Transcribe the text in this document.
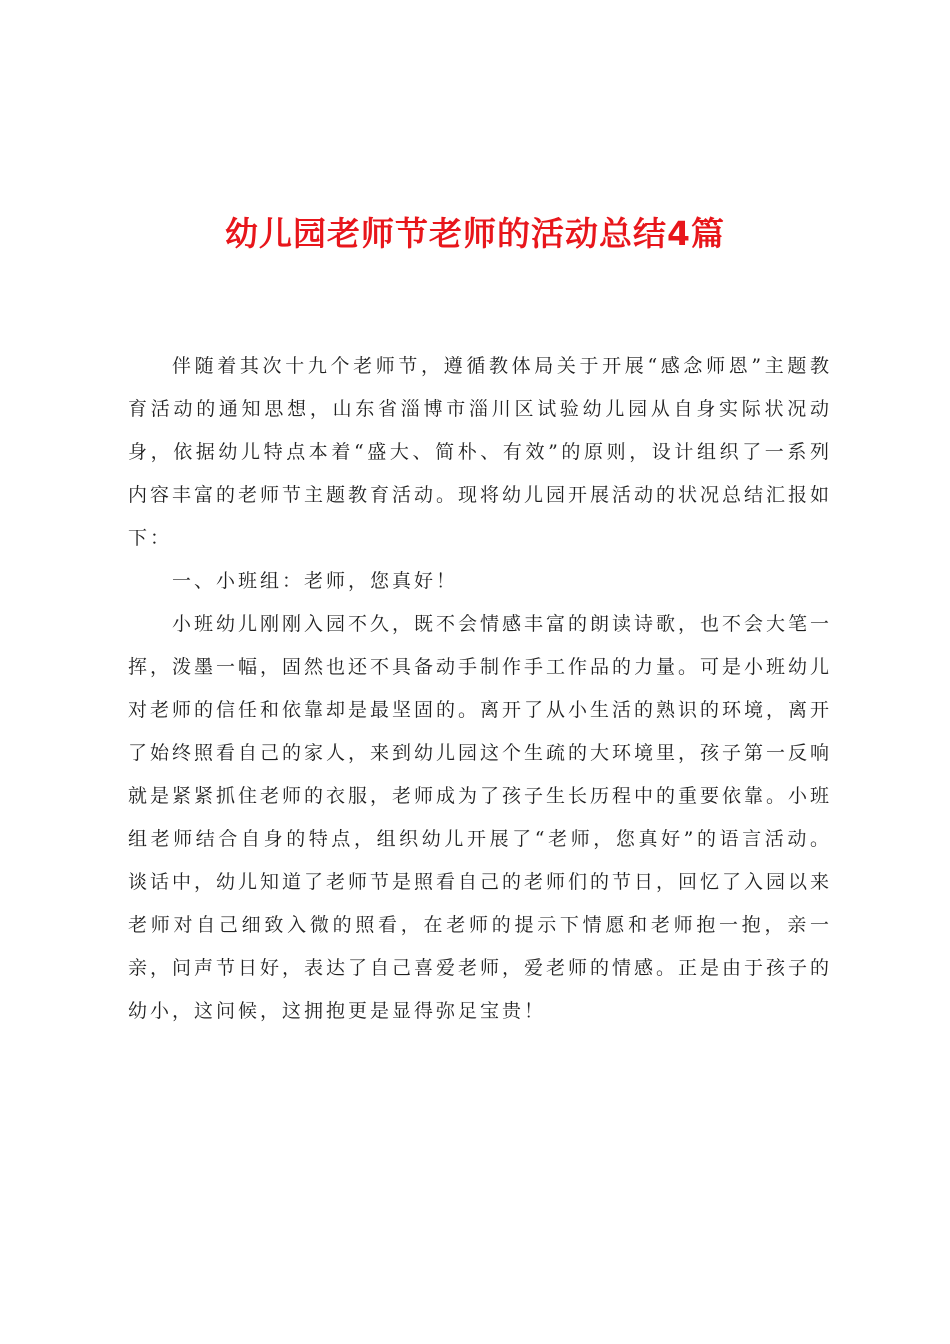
幼儿园老师节老师的活动总结4篇

伴随着其次十九个老师节，遵循教体局关于开展“感念师恩”主题教育活动的通知思想，山东省淄博市淄川区试验幼儿园从自身实际状况动身，依据幼儿特点本着“盛大、简朴、有效”的原则，设计组织了一系列内容丰富的老师节主题教育活动。现将幼儿园开展活动的状况总结汇报如下：

一、小班组：老师，您真好！

小班幼儿刚刚入园不久，既不会情感丰富的朗读诗歌，也不会大笔一挥，泼墨一幅，固然也还不具备动手制作手工作品的力量。可是小班幼儿对老师的信任和依靠却是最坚固的。离开了从小生活的熟识的环境，离开了始终照看自己的家人，来到幼儿园这个生疏的大环境里，孩子第一反响就是紧紧抓住老师的衣服，老师成为了孩子生长历程中的重要依靠。小班组老师结合自身的特点，组织幼儿开展了“老师，您真好”的语言活动。谈话中，幼儿知道了老师节是照看自己的老师们的节日，回忆了入园以来老师对自己细致入微的照看，在老师的提示下情愿和老师抱一抱，亲一亲，问声节日好，表达了自己喜爱老师，爱老师的情感。正是由于孩子的幼小，这问候，这拥抱更是显得弥足宝贵！
